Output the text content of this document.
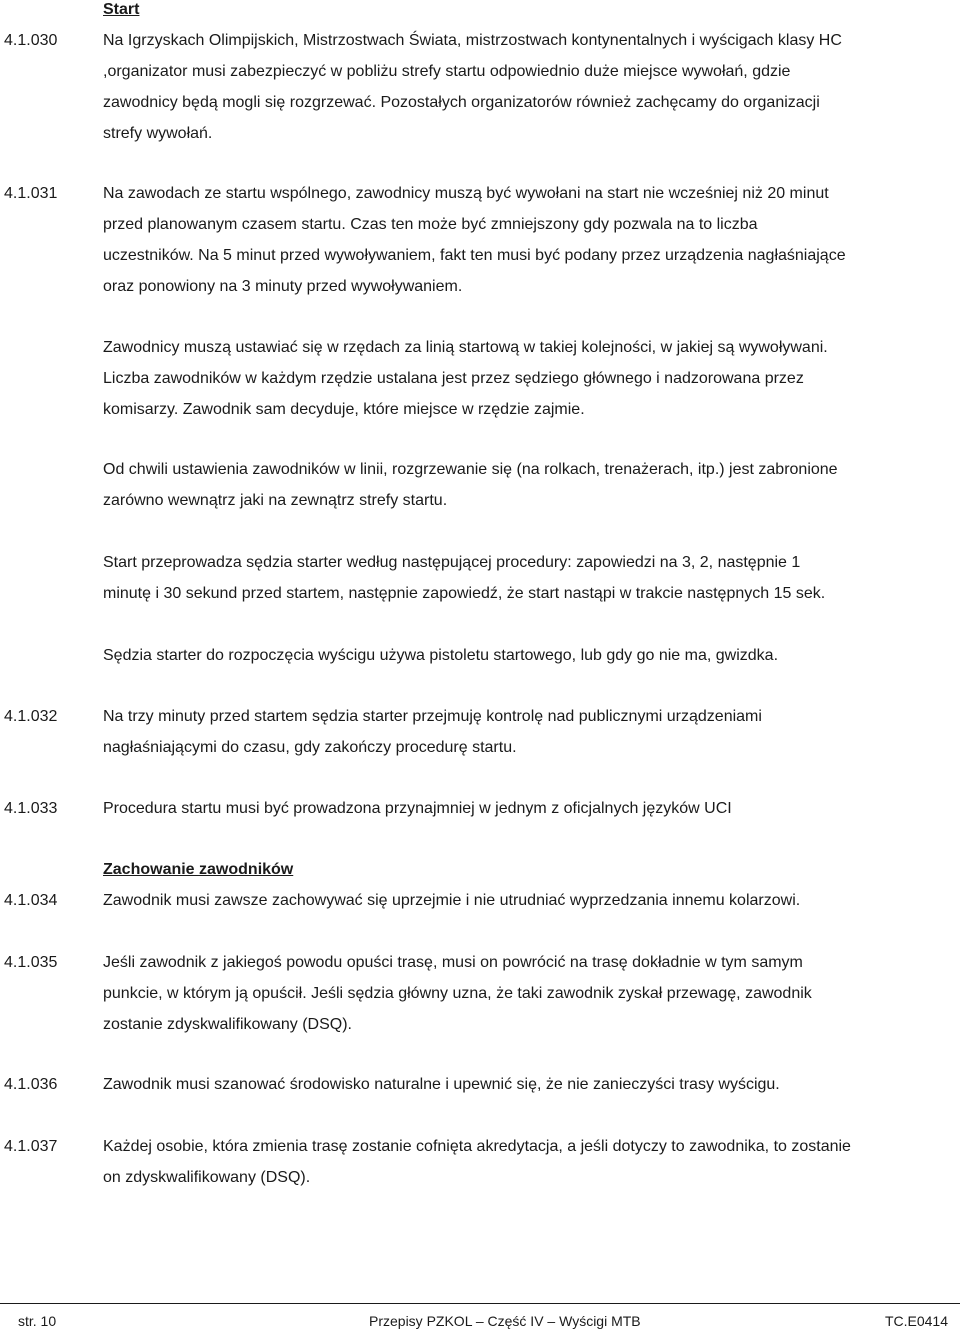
Start
4.1.030	Na Igrzyskach Olimpijskich, Mistrzostwach Świata, mistrzostwach kontynentalnych i wyścigach klasy HC
,organizator musi zabezpieczyć w pobliżu strefy startu odpowiednio duże miejsce wywołań, gdzie
zawodnicy będą mogli się rozgrzewać. Pozostałych organizatorów również zachęcamy do organizacji
strefy wywołań.
4.1.031	Na zawodach ze startu wspólnego, zawodnicy muszą być wywołani na start nie wcześniej niż 20 minut
przed planowanym czasem startu. Czas ten może być zmniejszony gdy pozwala na to liczba
uczestników. Na 5 minut przed wywoływaniem, fakt ten musi być podany przez urządzenia nagłaśniające
oraz ponowiony na 3 minuty przed wywoływaniem.
Zawodnicy muszą ustawiać się w rzędach za linią startową w takiej kolejności, w jakiej są wywoływani.
Liczba zawodników w każdym rzędzie ustalana jest przez sędziego głównego i nadzorowana przez
komisarzy. Zawodnik sam decyduje, które miejsce w rzędzie zajmie.
Od chwili ustawienia zawodników w linii, rozgrzewanie się (na rolkach, trenażerach, itp.) jest zabronione
zarówno wewnątrz jaki na zewnątrz strefy startu.
Start przeprowadza sędzia starter według następującej procedury: zapowiedzi na 3, 2, następnie 1
minutę i 30 sekund przed startem, następnie zapowiedź, że start nastąpi w trakcie następnych 15 sek.
Sędzia starter do rozpoczęcia wyścigu używa pistoletu startowego, lub gdy go nie ma, gwizdka.
4.1.032	Na trzy minuty przed startem sędzia starter przejmuję kontrolę nad publicznymi urządzeniami
nagłaśniającymi do czasu, gdy zakończy procedurę startu.
4.1.033	Procedura startu musi być prowadzona przynajmniej w jednym z oficjalnych języków UCI
Zachowanie zawodników
4.1.034	Zawodnik musi zawsze zachowywać się uprzejmie i nie utrudniać wyprzedzania innemu kolarzowi.
4.1.035	Jeśli zawodnik z jakiegoś powodu opuści trasę, musi on powrócić na trasę dokładnie w tym samym
punkcie, w którym ją opuścił. Jeśli sędzia główny uzna, że taki zawodnik zyskał przewagę, zawodnik
zostanie zdyskwalifikowany (DSQ).
4.1.036	Zawodnik musi szanować środowisko naturalne i upewnić się, że nie zanieczyści trasy wyścigu.
4.1.037	Każdej osobie, która zmienia trasę zostanie cofnięta akredytacja, a jeśli dotyczy to zawodnika, to zostanie
on zdyskwalifikowany (DSQ).
str. 10	Przepisy PZKOL – Część IV – Wyścigi MTB	TC.E0414
